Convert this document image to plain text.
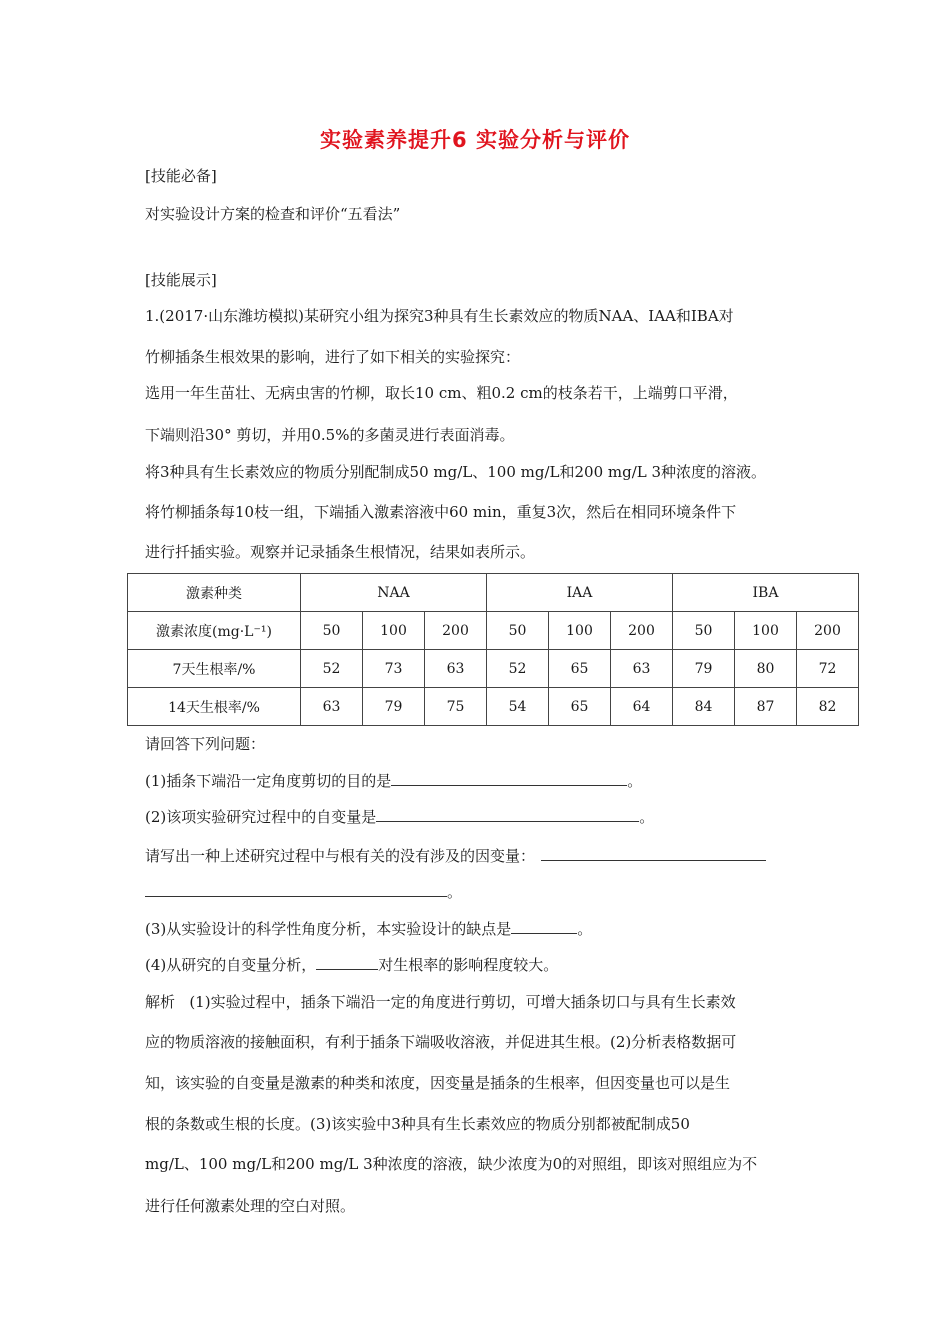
实验素养提升6 实验分析与评价
[技能必备]
对实验设计方案的检查和评价“五看法”
[技能展示]
1.(2017·山东潍坊模拟)某研究小组为探究3种具有生长素效应的物质NAA、IAA和IBA对
竹柳插条生根效果的影响，进行了如下相关的实验探究：
选用一年生苗壮、无病虫害的竹柳，取长10 cm、粗0.2 cm的枝条若干，上端剪口平滑，
下端则沿30° 剪切，并用0.5%的多菌灵进行表面消毒。
将3种具有生长素效应的物质分别配制成50 mg/L、100 mg/L和200 mg/L 3种浓度的溶液。
将竹柳插条每10枝一组，下端插入激素溶液中60 min，重复3次，然后在相同环境条件下
进行扦插实验。观察并记录插条生根情况，结果如表所示。
激素种类	NAA			IAA			IBA		
激素浓度(mg·L⁻¹)	50	100	200	50	100	200	50	100	200
7天生根率/%	52	73	63	52	65	63	79	80	72
14天生根率/%	63	79	75	54	65	64	84	87	82
请回答下列问题：
(1)插条下端沿一定角度剪切的目的是	。
(2)该项实验研究过程中的自变量是	。
请写出一种上述研究过程中与根有关的没有涉及的因变量：
。
(3)从实验设计的科学性角度分析，本实验设计的缺点是	。
(4)从研究的自变量分析，	对生根率的影响程度较大。
解析 (1)实验过程中，插条下端沿一定的角度进行剪切，可增大插条切口与具有生长素效
应的物质溶液的接触面积，有利于插条下端吸收溶液，并促进其生根。(2)分析表格数据可
知，该实验的自变量是激素的种类和浓度，因变量是插条的生根率，但因变量也可以是生
根的条数或生根的长度。(3)该实验中3种具有生长素效应的物质分别都被配制成50
mg/L、100 mg/L和200 mg/L 3种浓度的溶液，缺少浓度为0的对照组，即该对照组应为不
进行任何激素处理的空白对照。
